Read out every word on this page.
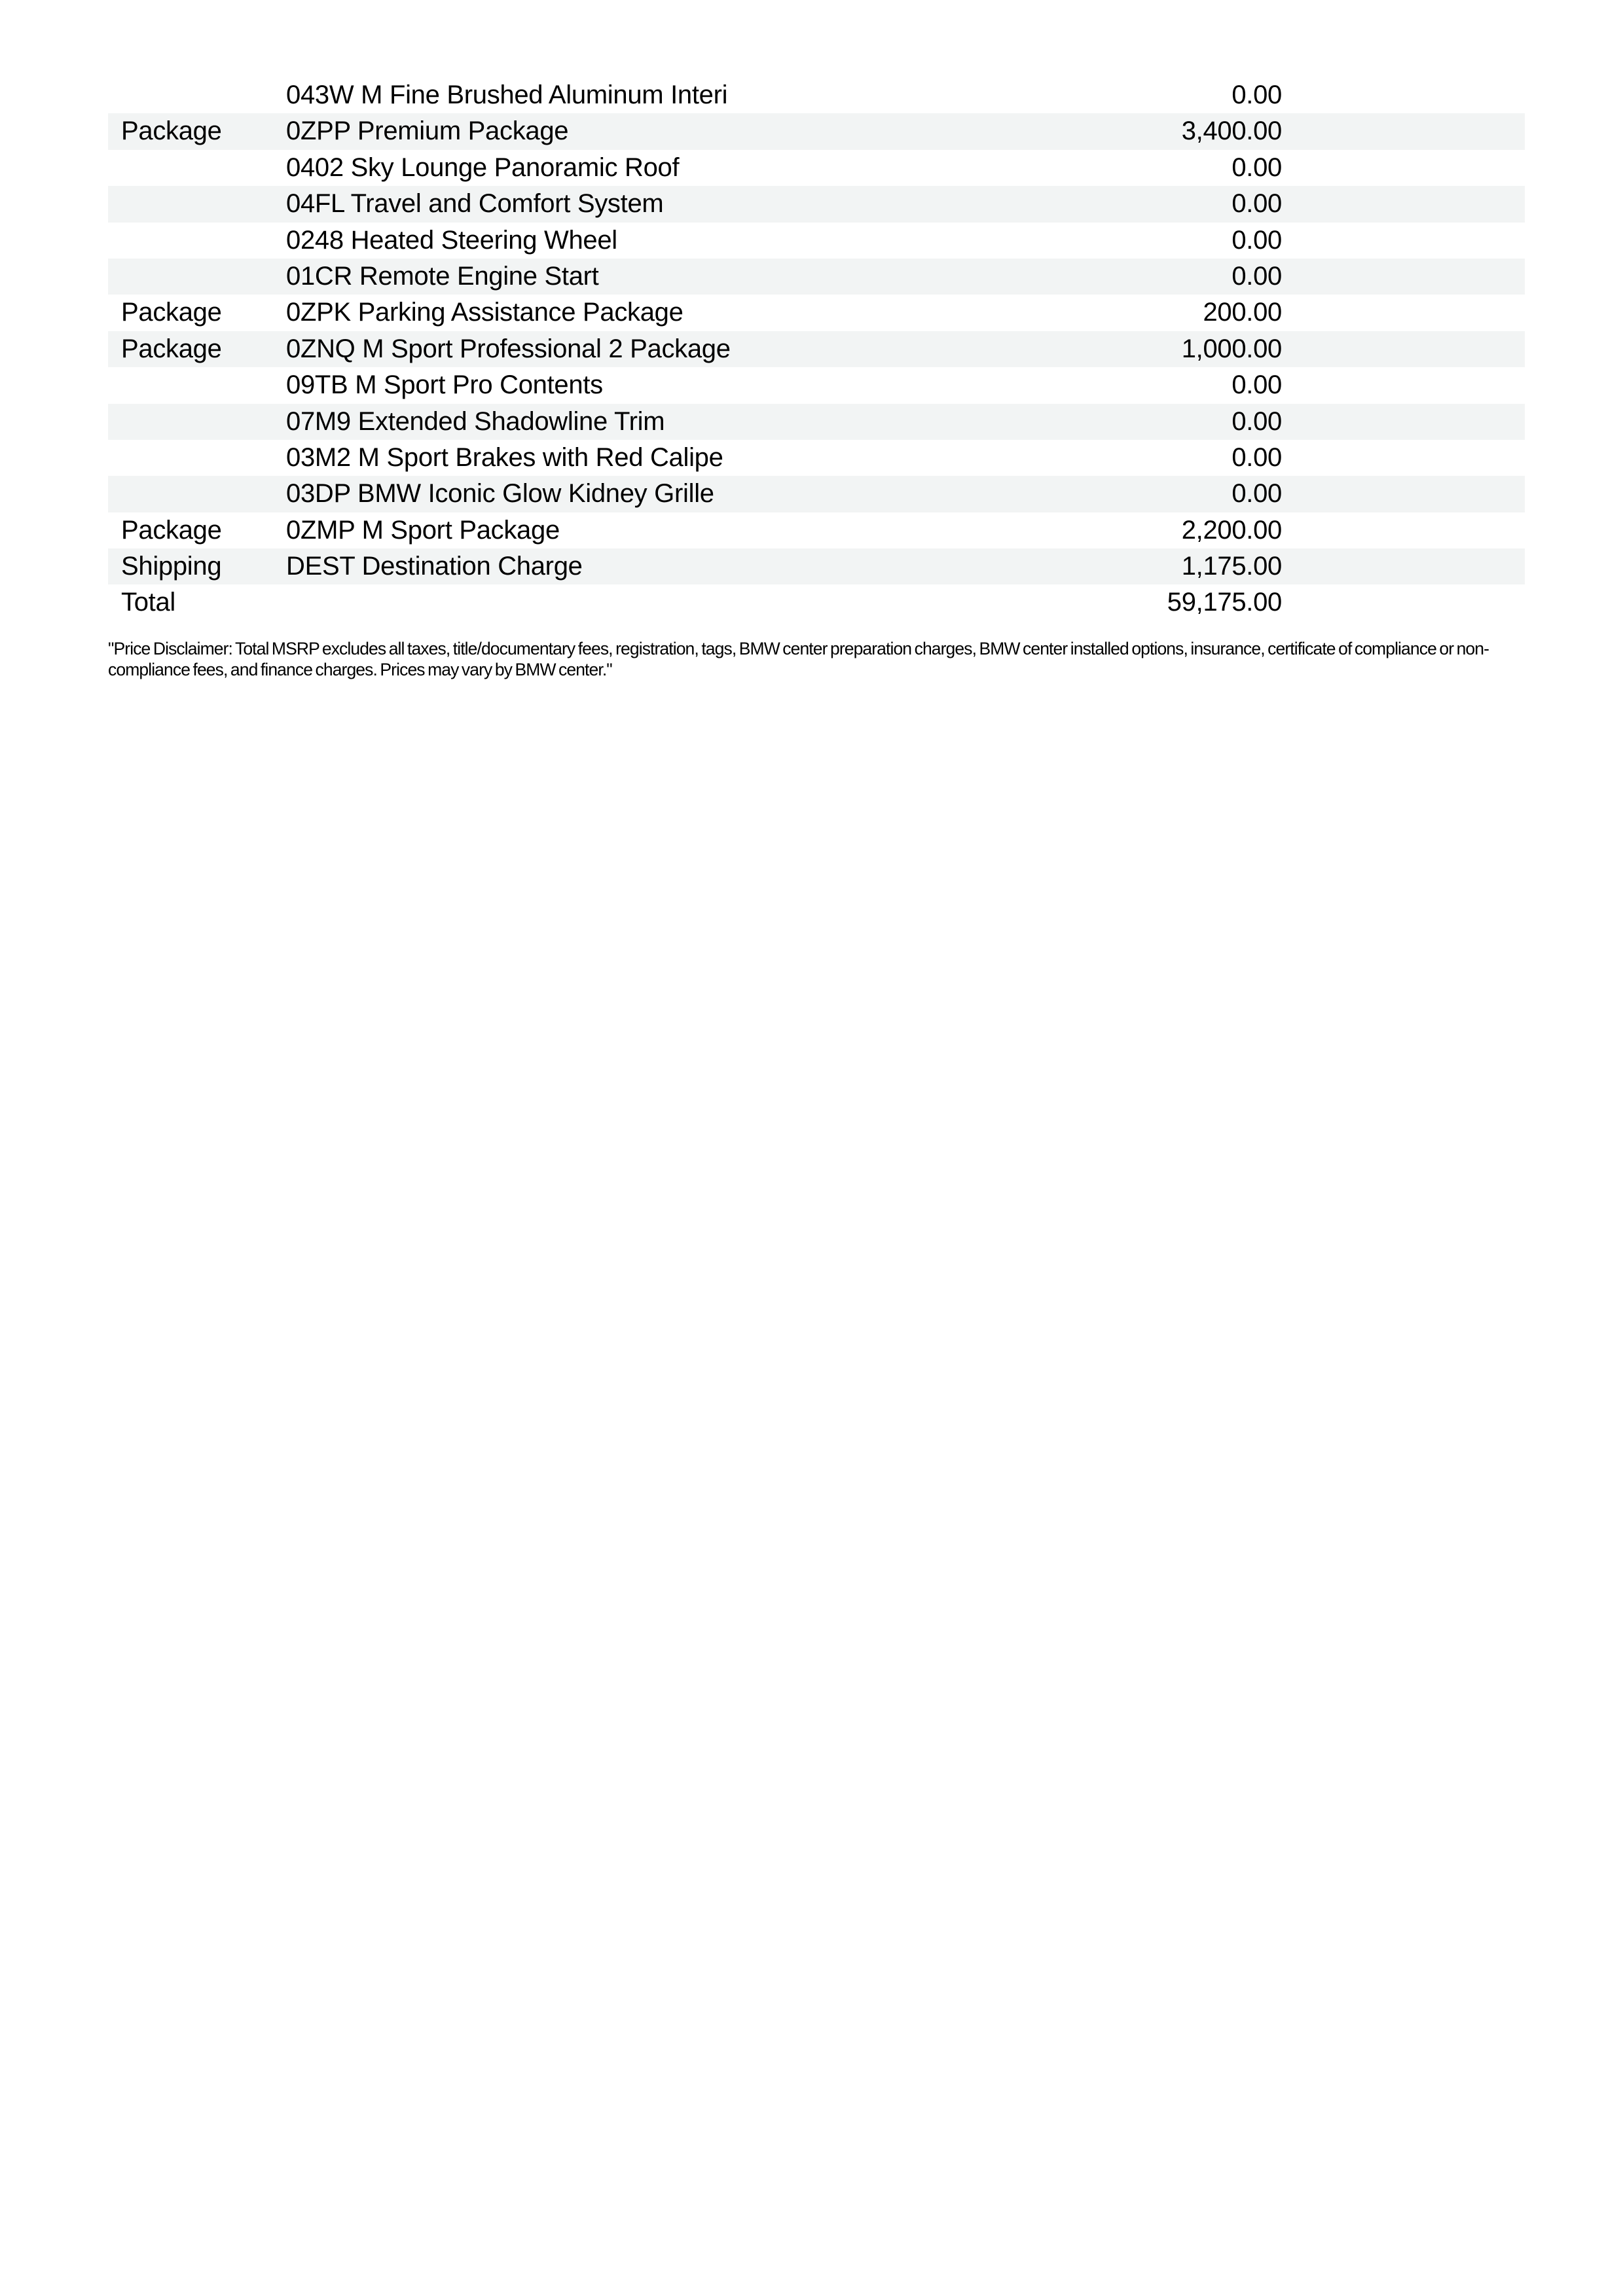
043W M Fine Brushed Aluminum Interi	0.00
Package 0ZPP Premium Package	3,400.00
0402 Sky Lounge Panoramic Roof	0.00
04FL Travel and Comfort System	0.00
0248 Heated Steering Wheel	0.00
01CR Remote Engine Start	0.00
Package 0ZPK Parking Assistance Package	200.00
Package 0ZNQ M Sport Professional 2 Package	1,000.00
09TB M Sport Pro Contents	0.00
07M9 Extended Shadowline Trim	0.00
03M2 M Sport Brakes with Red Calipe	0.00
03DP BMW Iconic Glow Kidney Grille	0.00
Package 0ZMP M Sport Package	2,200.00
Shipping DEST Destination Charge	1,175.00
Total	59,175.00
"Price Disclaimer: Total MSRP excludes all taxes, title/documentary fees, registration, tags, BMW center preparation charges, BMW center installed options, insurance, certificate of compliance or non-compliance fees, and finance charges. Prices may vary by BMW center."
